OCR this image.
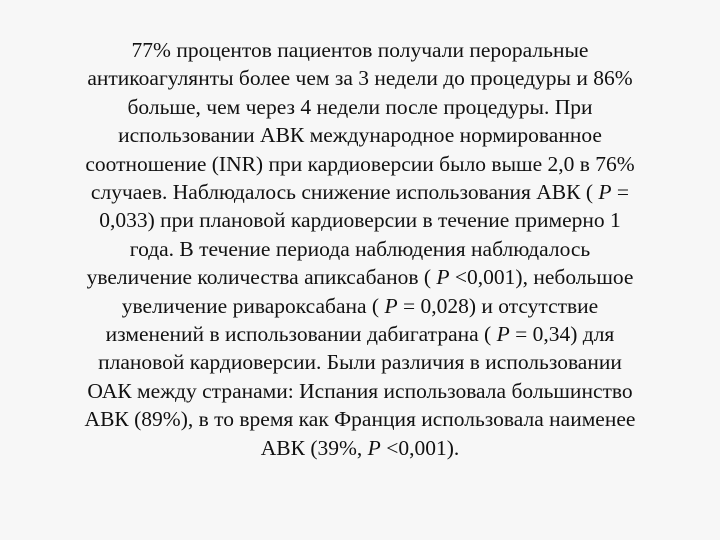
77% процентов пациентов получали пероральные
антикоагулянты более чем за 3 недели до процедуры и 86%
больше, чем через 4 недели после процедуры. При
использовании АВК международное нормированное
соотношение (INR) при кардиоверсии было выше 2,0 в 76%
случаев. Наблюдалось снижение использования АВК ( P =
0,033) при плановой кардиоверсии в течение примерно 1
года. В течение периода наблюдения наблюдалось
увеличение количества апиксабанов ( P <0,001), небольшое
увеличение ривароксабана ( P = 0,028) и отсутствие
изменений в использовании дабигатрана ( P = 0,34) для
плановой кардиоверсии. Были различия в использовании
ОАК между странами: Испания использовала большинство
АВК (89%), в то время как Франция использовала наименее
АВК (39%, P <0,001).
